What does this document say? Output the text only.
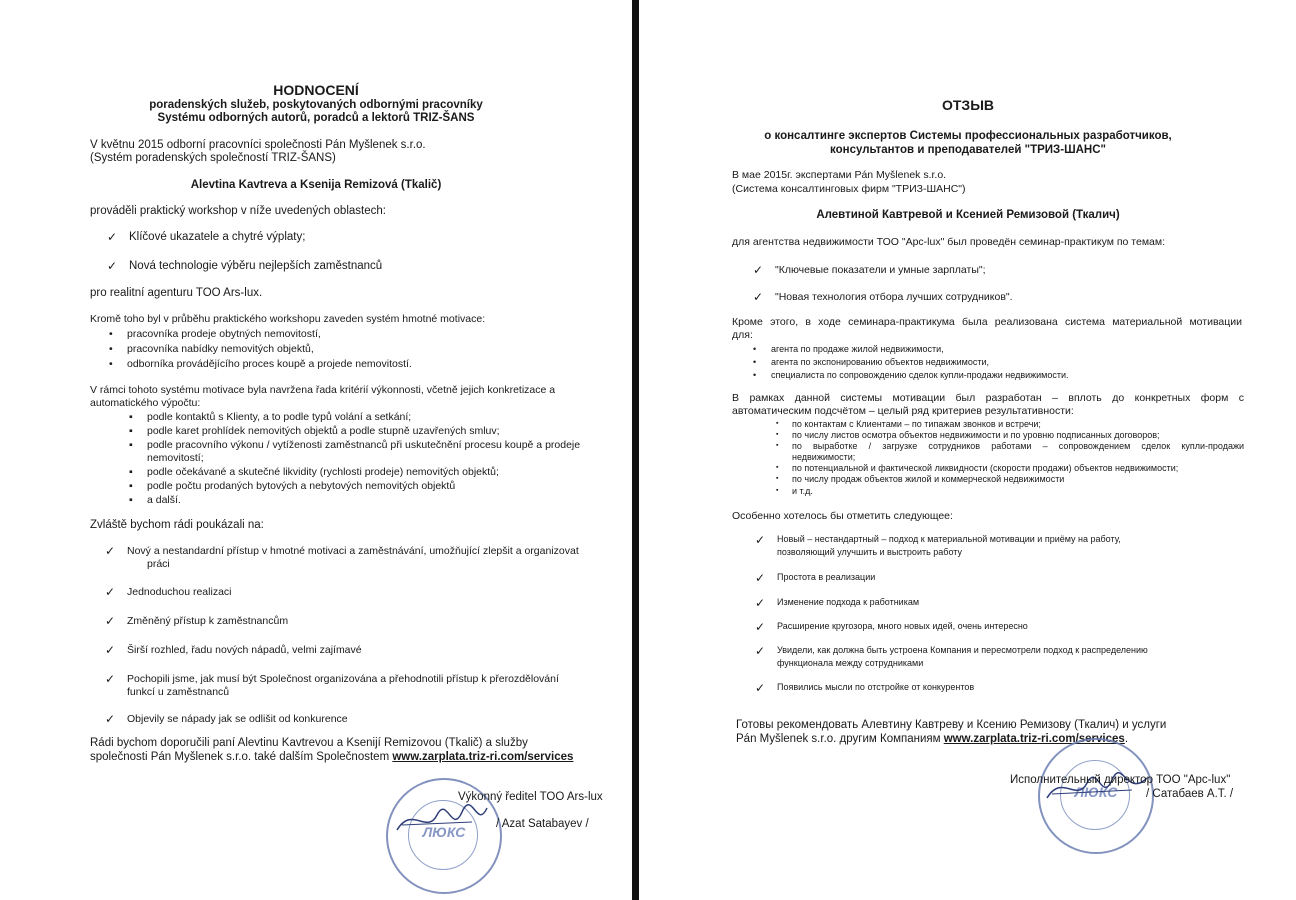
HODNOCENÍ
poradenských služeb, poskytovaných odbornými pracovníky
Systému odborných autorů, poradců a lektorů TRIZ-ŠANS
V květnu 2015 odborní pracovníci společnosti Pán Myšlenek s.r.o.
(Systém poradenských společností TRIZ-ŠANS)
Alevtina Kavtreva a Ksenija Remizová (Tkalič)
prováděli praktický workshop v níže uvedených oblastech:
✓ Klíčové ukazatele a chytré výplaty;
✓ Nová technologie výběru nejlepších zaměstnanců
pro realitní agenturu TOO Ars-lux.
Kromě toho byl v průběhu praktického workshopu zaveden systém hmotné motivace:
• pracovníka prodeje obytných nemovitostí,
• pracovníka nabídky nemovitých objektů,
• odborníka provádějícího proces koupě a projede nemovitostí.
V rámci tohoto systému motivace byla navržena řada kritérií výkonnosti, včetně jejich konkretizace a
automatického výpočtu:
▪ podle kontaktů s Klienty, a to podle typů volání a setkání;
▪ podle karet prohlídek nemovitých objektů a podle stupně uzavřených smluv;
▪ podle pracovního výkonu / vytíženosti zaměstnanců při uskutečnění procesu koupě a prodeje
nemovitostí;
▪ podle očekávané a skutečné likvidity (rychlosti prodeje) nemovitých objektů;
▪ podle počtu prodaných bytových a nebytových nemovitých objektů
▪ a další.
Zvláště bychom rádi poukázali na:
✓ Nový a nestandardní přístup v hmotné motivaci a zaměstnávání, umožňující zlepšit a organizovat
práci
✓ Jednoduchou realizaci
✓ Změněný přístup k zaměstnancům
✓ Širší rozhled, řadu nových nápadů, velmi zajímavé
✓ Pochopili jsme, jak musí být Společnost organizována a přehodnotili přístup k přerozdělování
funkcí u zaměstnanců
✓ Objevily se nápady jak se odlišit od konkurence
Rádi bychom doporučili paní Alevtinu Kavtrevou a Ksenijí Remizovou (Tkalič) a služby
společnosti Pán Myšlenek s.r.o. také dalším Společnostem www.zarplata.triz-ri.com/services
ЛЮКС
Výkonný ředitel TOO Ars-lux
/ Azat Satabayev /
ОТЗЫВ
о консалтинге экспертов Системы профессиональных разработчиков,
консультантов и преподавателей "ТРИЗ-ШАНС"
В мае 2015г. экспертами Pán Myšlenek s.r.o.
(Система консалтинговых фирм "ТРИЗ-ШАНС")
Алевтиной Кавтревой и Ксенией Ремизовой (Ткалич)
для агентства недвижимости ТОО "Арс-lux" был проведён семинар-практикум по темам:
✓ "Ключевые показатели и умные зарплаты";
✓ "Новая технология отбора лучших сотрудников".
Кроме этого, в ходе семинара-практикума была реализована система материальной мотивации
для:
• агента по продаже жилой недвижимости,
• агента по экспонированию объектов недвижимости,
• специалиста по сопровождению сделок купли-продажи недвижимости.
В рамках данной системы мотивации был разработан – вплоть до конкретных форм с
автоматическим подсчётом – целый ряд критериев результативности:
▪ по контактам с Клиентами – по типажам звонков и встречи;
▪ по числу листов осмотра объектов недвижимости и по уровню подписанных договоров;
▪ по выработке / загрузке сотрудников работами – сопровождением сделок купли-продажи
недвижимости;
▪ по потенциальной и фактической ликвидности (скорости продажи) объектов недвижимости;
▪ по числу продаж объектов жилой и коммерческой недвижимости
▪ и т.д.
Особенно хотелось бы отметить следующее:
✓ Новый – нестандартный – подход к материальной мотивации и приёму на работу,
позволяющий улучшить и выстроить работу
✓ Простота в реализации
✓ Изменение подхода к работникам
✓ Расширение кругозора, много новых идей, очень интересно
✓ Увидели, как должна быть устроена Компания и пересмотрели подход к распределению
функционала между сотрудниками
✓ Появились мысли по отстройке от конкурентов
Готовы рекомендовать Алевтину Кавтреву и Ксению Ремизову (Ткалич) и услуги
Pán Myšlenek s.r.o. другим Компаниям www.zarplata.triz-ri.com/services.
ЛЮКС
Исполнительный директор ТОО "Арс-lux"
/ Сатабаев А.Т. /
